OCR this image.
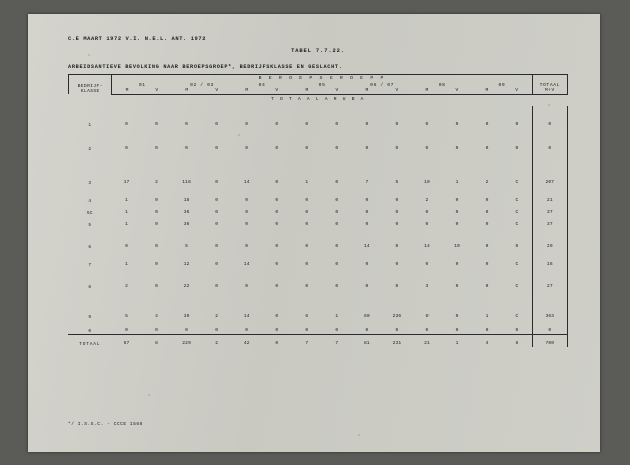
C.E MAART 1972 V.I. N.E.L. ANT. 1972
TABEL 7.7.22.
ARBEIDSANTIEVE BEVOLKING NAAR BEROEPSGROEP*, BEDRIJFSKLASSE EN GESLACHT.
	B E R O E P S G R O E P P														

BEDRIJF-
KLASSE	01		02 / 03		04		05		06 / 07		08		09		TOTAAL
	M	V	M	V	M	V	M	V	M	V	M	V	M	V	M+V
T O T A A L A R U B A															
1	0	0	0	0	0	0	0	0	0	0	0	0	0	0	0
2	0	0	0	0	0	0	0	0	0	0	0	0	0	0	0
3	17	2	116	0	14	0	1	0	7	5	10	1	2	C	207
4	1	0	18	0	0	0	0	0	0	0	2	0	0	C	21
5C	1	0	36	0	0	0	0	0	0	0	0	0	0	C	37
5	1	0	36	0	0	0	0	0	0	0	0	0	0	C	37
6	0	0	5	0	0	0	0	0	14	0	14	10	0	0	29
7	1	0	12	0	14	0	0	0	0	0	0	0	0	C	16
8	2	0	22	0	0	0	0	0	0	0	3	0	0	C	27
9	5	4	39	2	14	0	6	1	60	236	6	0	1	C	363
0	0	0	0	0	0	0	0	0	0	0	0	0	0	0	0
TOTAAL	67	8	229	2	42	0	7	7	81	231	21	1	4	8	700
*/ I.S.G.C. - CCCE 1568
